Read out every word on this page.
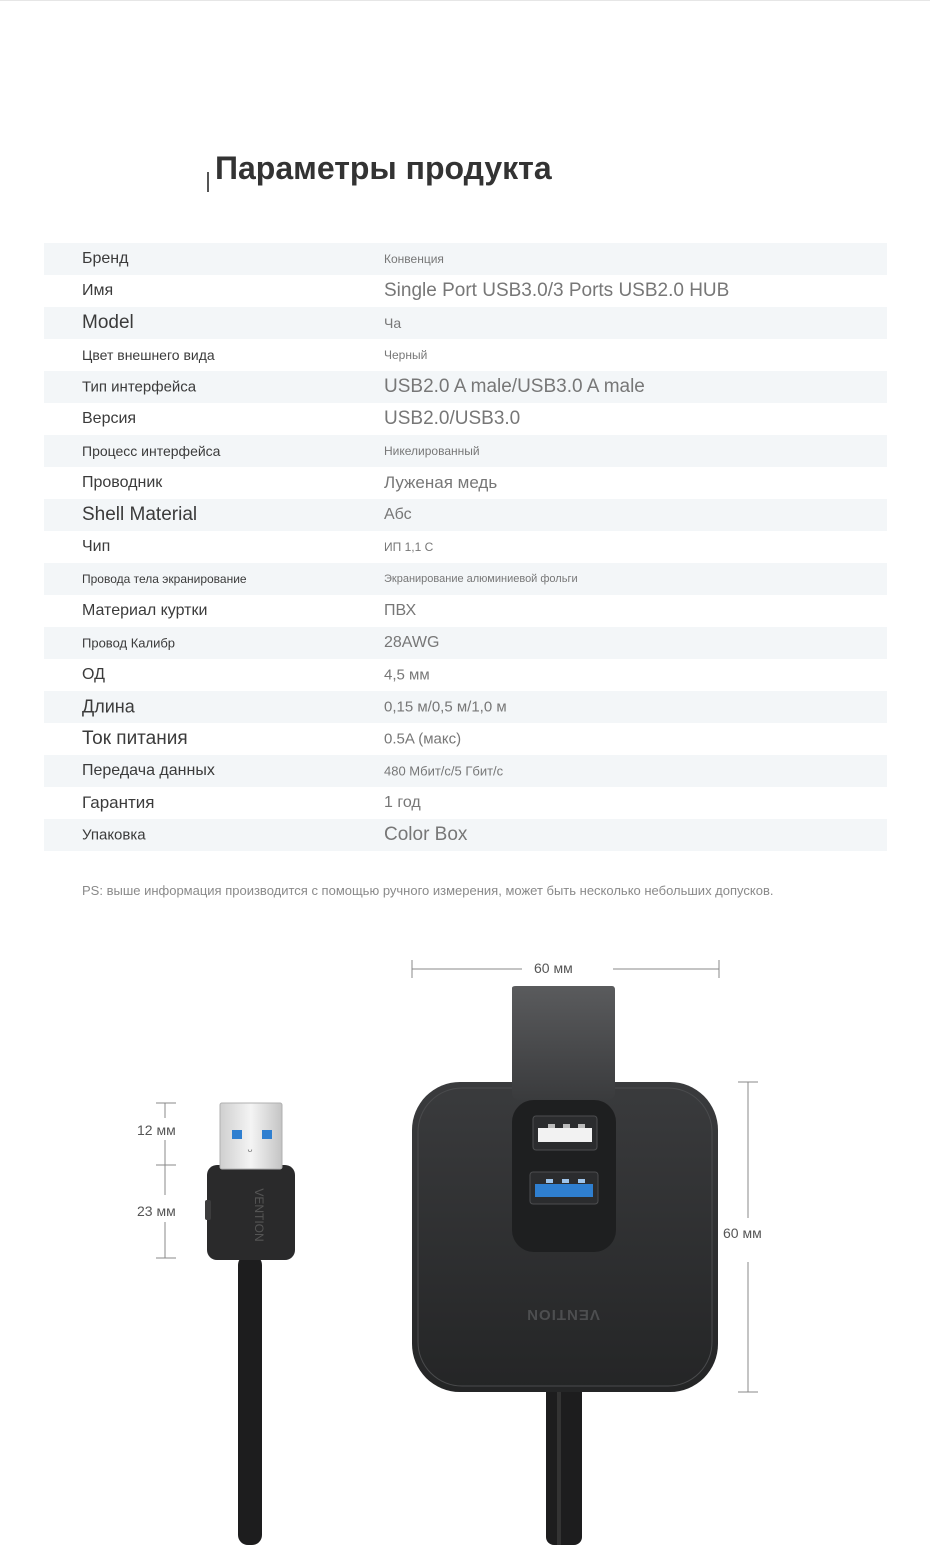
Параметры продукта
Бренд	Конвенция
Имя	Single Port USB3.0/3 Ports USB2.0 HUB
Model	Ча
Цвет внешнего вида	Черный
Тип интерфейса	USB2.0 A male/USB3.0 A male
Версия	USB2.0/USB3.0
Процесс интерфейса	Никелированный
Проводник	Луженая медь
Shell Material	Абс
Чип	ИП 1,1 С
Провода тела экранирование	Экранирование алюминиевой фольги
Материал куртки	ПВХ
Провод Калибр	28AWG
ОД	4,5 мм
Длина	0,15 м/0,5 м/1,0 м
Ток питания	0.5A (макс)
Передача данных	480 Мбит/с/5 Гбит/с
Гарантия	1 год
Упаковка	Color Box

PS: выше информация производится с помощью ручного измерения, может быть несколько небольших допусков.

VENTION
ᴗ
12 мм
23 мм
60 мм
60 мм
VENTION
